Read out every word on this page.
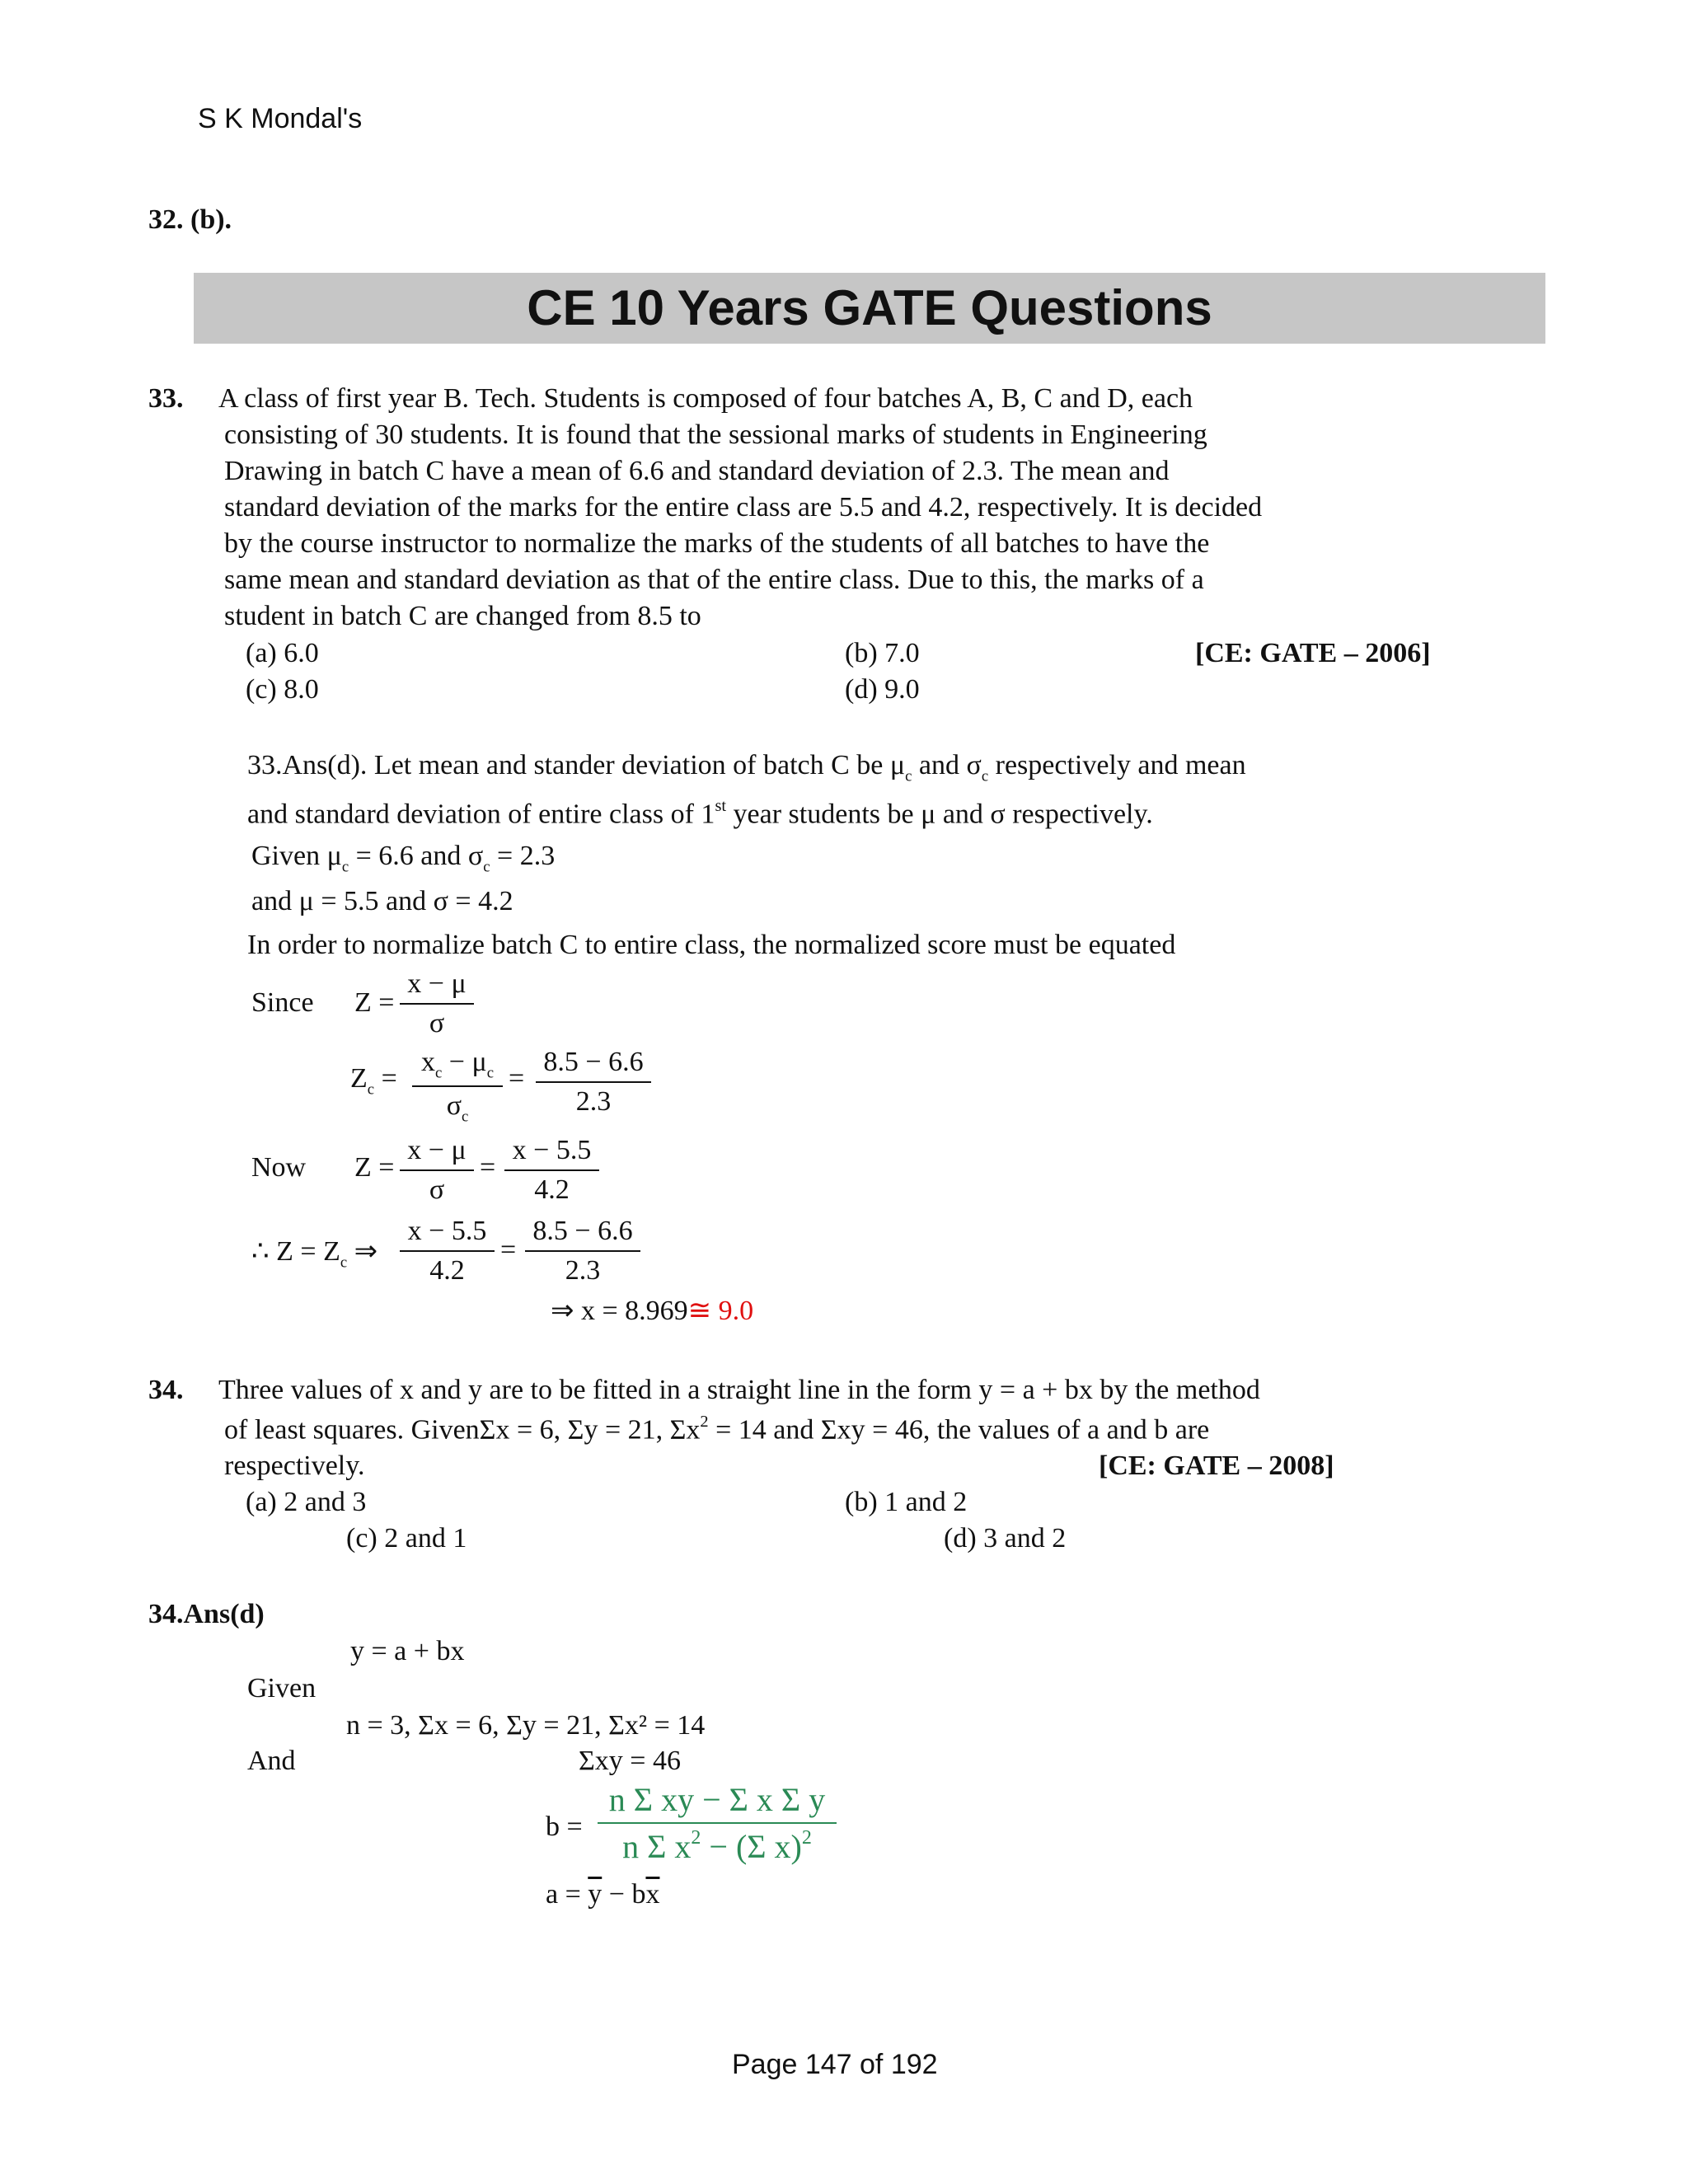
S K Mondal's
32. (b).
CE 10 Years GATE Questions
33. A class of first year B. Tech. Students is composed of four batches A, B, C and D, each
consisting of 30 students. It is found that the sessional marks of students in Engineering
Drawing in batch C have a mean of 6.6 and standard deviation of 2.3. The mean and
standard deviation of the marks for the entire class are 5.5 and 4.2, respectively. It is decided
by the course instructor to normalize the marks of the students of all batches to have the
same mean and standard deviation as that of the entire class. Due to this, the marks of a
student in batch C are changed from 8.5 to
(a) 6.0	(b) 7.0	[CE: GATE – 2006]
(c) 8.0	(d) 9.0
33.Ans(d). Let mean and stander deviation of batch C be $\mu_c$ and $\sigma_c$ respectively and mean
and standard deviation of entire class of 1st year students be μ and σ respectively.
Given $\mu_c = 6.6$ and $\sigma_c = 2.3$
and μ = 5.5 and σ = 4.2
In order to normalize batch C to entire class, the normalized score must be equated
Since Z =
x − μ
σ
$Z_c$ =
$x_c - \mu_c$
$\sigma_c$
=
8.5 − 6.6
2.3
Now Z =
x − μ
σ
=
x − 5.5
4.2
∴ $Z = Z_c$ ⇒
x − 5.5
4.2
=
8.5 − 6.6
2.3
⇒ x = 8.969≅ 9.0
34. Three values of x and y are to be fitted in a straight line in the form y = a + bx by the method
of least squares. GivenΣx = 6, Σy = 21, $\Sigma x^2 = 14$ and Σxy = 46, the values of a and b are
respectively.	[CE: GATE – 2008]
(a) 2 and 3	(b) 1 and 2
(c) 2 and 1	(d) 3 and 2
34.Ans(d)
y = a + bx
Given
n = 3, Σx = 6, Σy = 21, Σx² = 14
And	Σxy = 46
b =
n Σ xy − Σ x Σ y
n Σ $x^2 - (\Sigma$ x)$^2$
$a = \overline{y} - b\overline{x}$
Page 147 of 192
